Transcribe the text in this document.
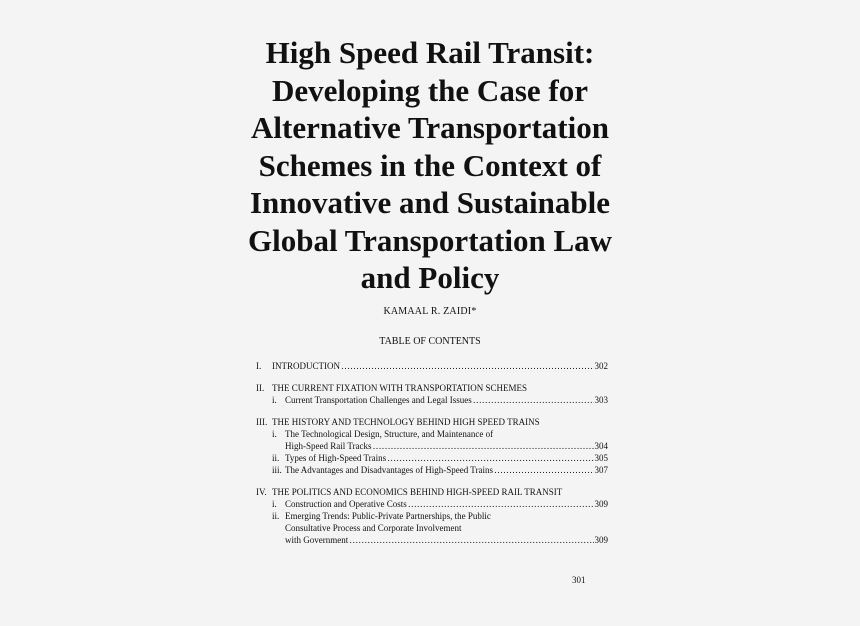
High Speed Rail Transit:
Developing the Case for
Alternative Transportation
Schemes in the Context of
Innovative and Sustainable
Global Transportation Law
and Policy
KAMAAL R. ZAIDI*
TABLE OF CONTENTS
I.	INTRODUCTION ……………………………………………………………………………………………………	302
II. THE CURRENT FIXATION WITH TRANSPORTATION SCHEMES
i. Current Transportation Challenges and Legal Issues ……………………………………………………………………………………………………	303
III. THE HISTORY AND TECHNOLOGY BEHIND HIGH SPEED TRAINS
i. The Technological Design, Structure, and Maintenance of
High-Speed Rail Tracks ……………………………………………………………………………………………………	304
ii. Types of High-Speed Trains ……………………………………………………………………………………………………	305
iii. The Advantages and Disadvantages of High-Speed Trains ……………………………………………………………………………………………………	307
IV. THE POLITICS AND ECONOMICS BEHIND HIGH-SPEED RAIL TRANSIT
i. Construction and Operative Costs ……………………………………………………………………………………………………	309
ii. Emerging Trends: Public-Private Partnerships, the Public
Consultative Process and Corporate Involvement
with Government ……………………………………………………………………………………………………	309
301
